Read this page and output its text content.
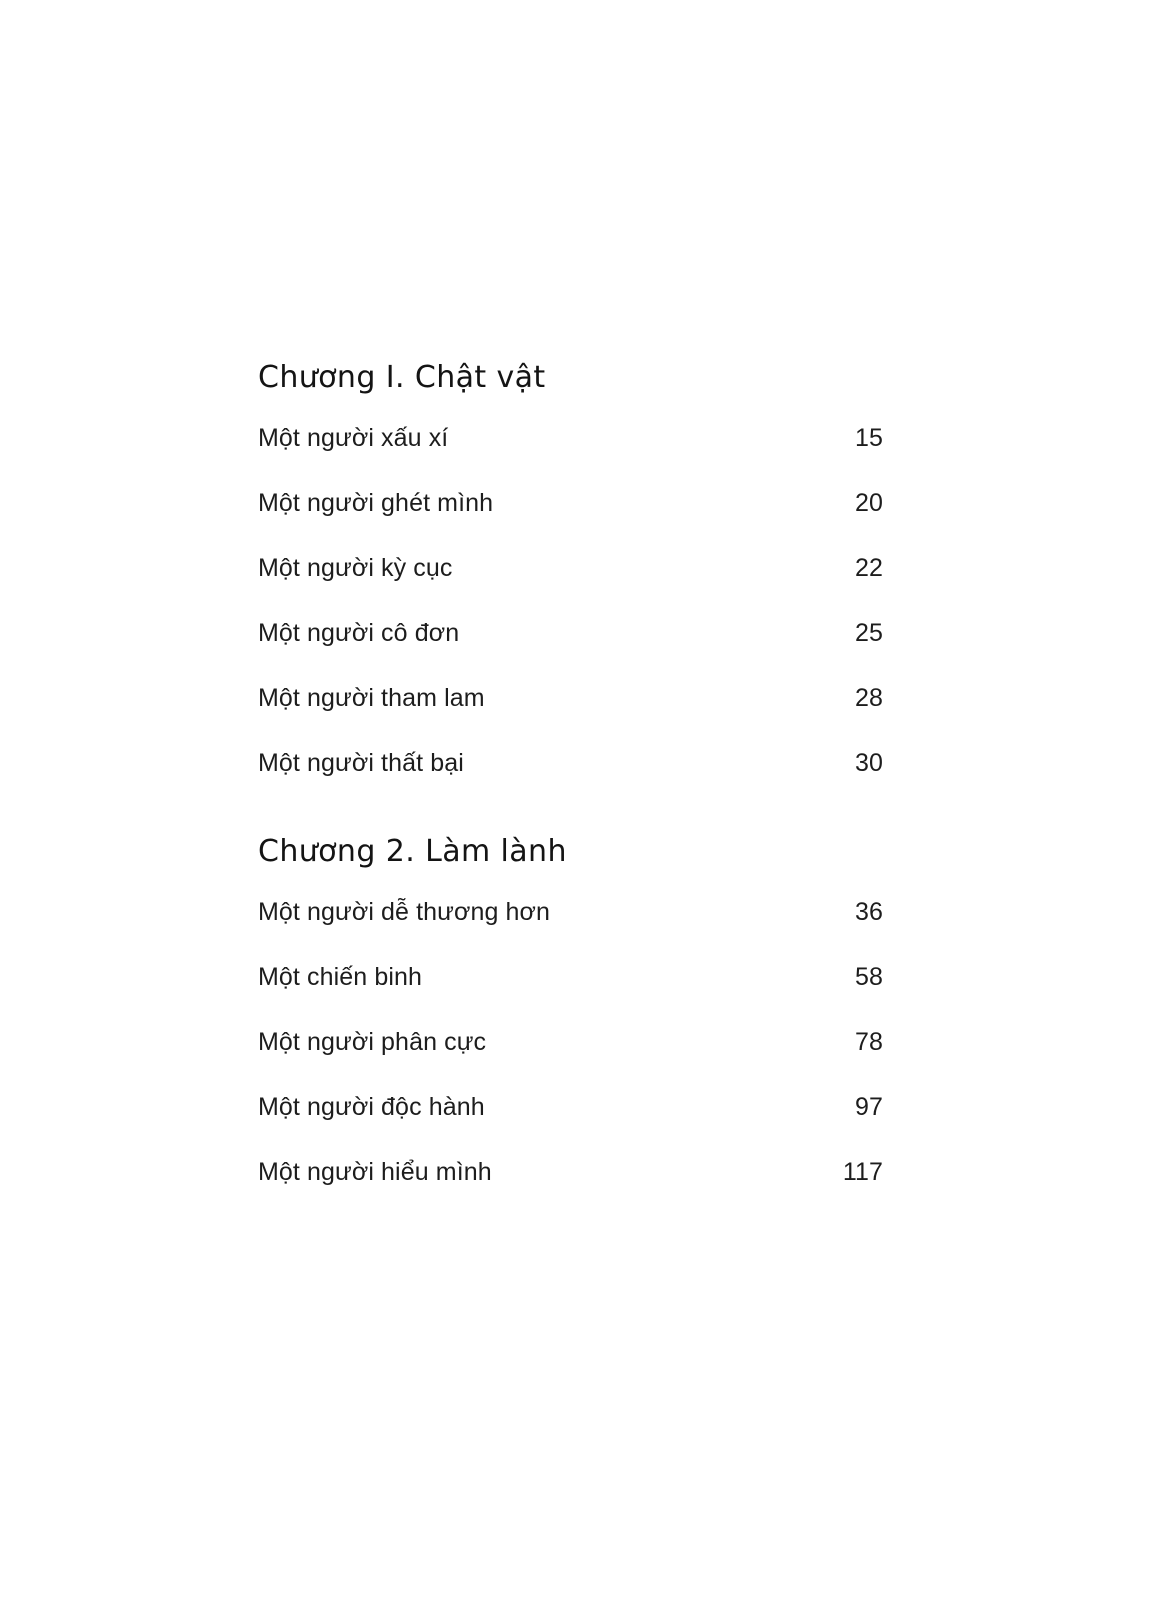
Chương I. Chật vật
Một người xấu xí	15
Một người ghét mình	20
Một người kỳ cục	22
Một người cô đơn	25
Một người tham lam	28
Một người thất bại	30
Chương 2. Làm lành
Một người dễ thương hơn	36
Một chiến binh	58
Một người phân cực	78
Một người độc hành	97
Một người hiểu mình	117
